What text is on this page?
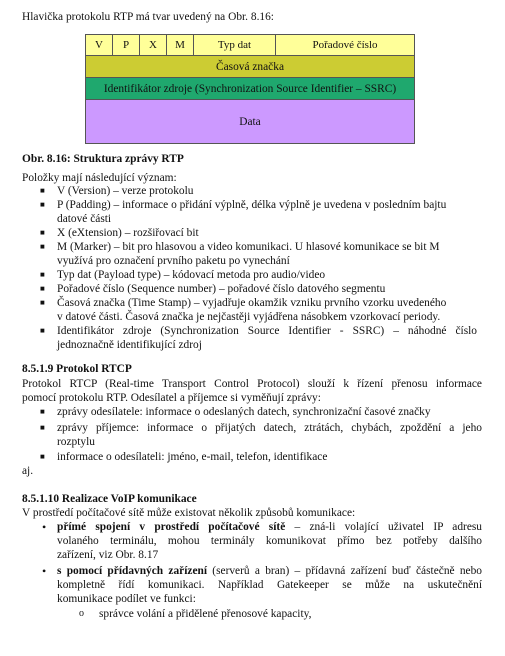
Hlavička protokolu RTP má tvar uvedený na Obr. 8.16:
V	P	X	M	Typ dat	Pořadové číslo
Časová značka
Identifikátor zdroje (Synchronization Source Identifier – SSRC)
Data
Obr. 8.16: Struktura zprávy RTP
Položky mají následující význam:
■ V (Version) – verze protokolu
■ P (Padding) – informace o přidání výplně, délka výplně je uvedena v posledním bajtu
datové části
■ X (eXtension) – rozšiřovací bit
■ M (Marker) – bit pro hlasovou a video komunikaci. U hlasové komunikace se bit M
využívá pro označení prvního paketu po vynechání
■ Typ dat (Payload type) – kódovací metoda pro audio/video
■ Pořadové číslo (Sequence number) – pořadové číslo datového segmentu
■ Časová značka (Time Stamp) – vyjadřuje okamžik vzniku prvního vzorku uvedeného
v datové části. Časová značka je nejčastěji vyjádřena násobkem vzorkovací periody.
■ Identifikátor zdroje (Synchronization Source Identifier - SSRC) – náhodné číslo
jednoznačně identifikující zdroj
8.5.1.9 Protokol RTCP
Protokol RTCP (Real-time Transport Control Protocol) slouží k řízení přenosu informace
pomocí protokolu RTP. Odesílatel a příjemce si vyměňují zprávy:
■ zprávy odesílatele: informace o odeslaných datech, synchronizační časové značky
■ zprávy příjemce: informace o přijatých datech, ztrátách, chybách, zpoždění a jeho
rozptylu
■ informace o odesílateli: jméno, e-mail, telefon, identifikace
aj.
8.5.1.10 Realizace VoIP komunikace
V prostředí počítačové sítě může existovat několik způsobů komunikace:
• přímé spojení v prostředí počítačové sítě – zná-li volající uživatel IP adresu
volaného terminálu, mohou terminály komunikovat přímo bez potřeby dalšího
zařízení, viz Obr. 8.17
• s pomocí přídavných zařízení (serverů a bran) – přídavná zařízení buď částečně nebo
kompletně řídí komunikaci. Například Gatekeeper se může na uskutečnění
komunikace podílet ve funkci:
o správce volání a přidělené přenosové kapacity,
